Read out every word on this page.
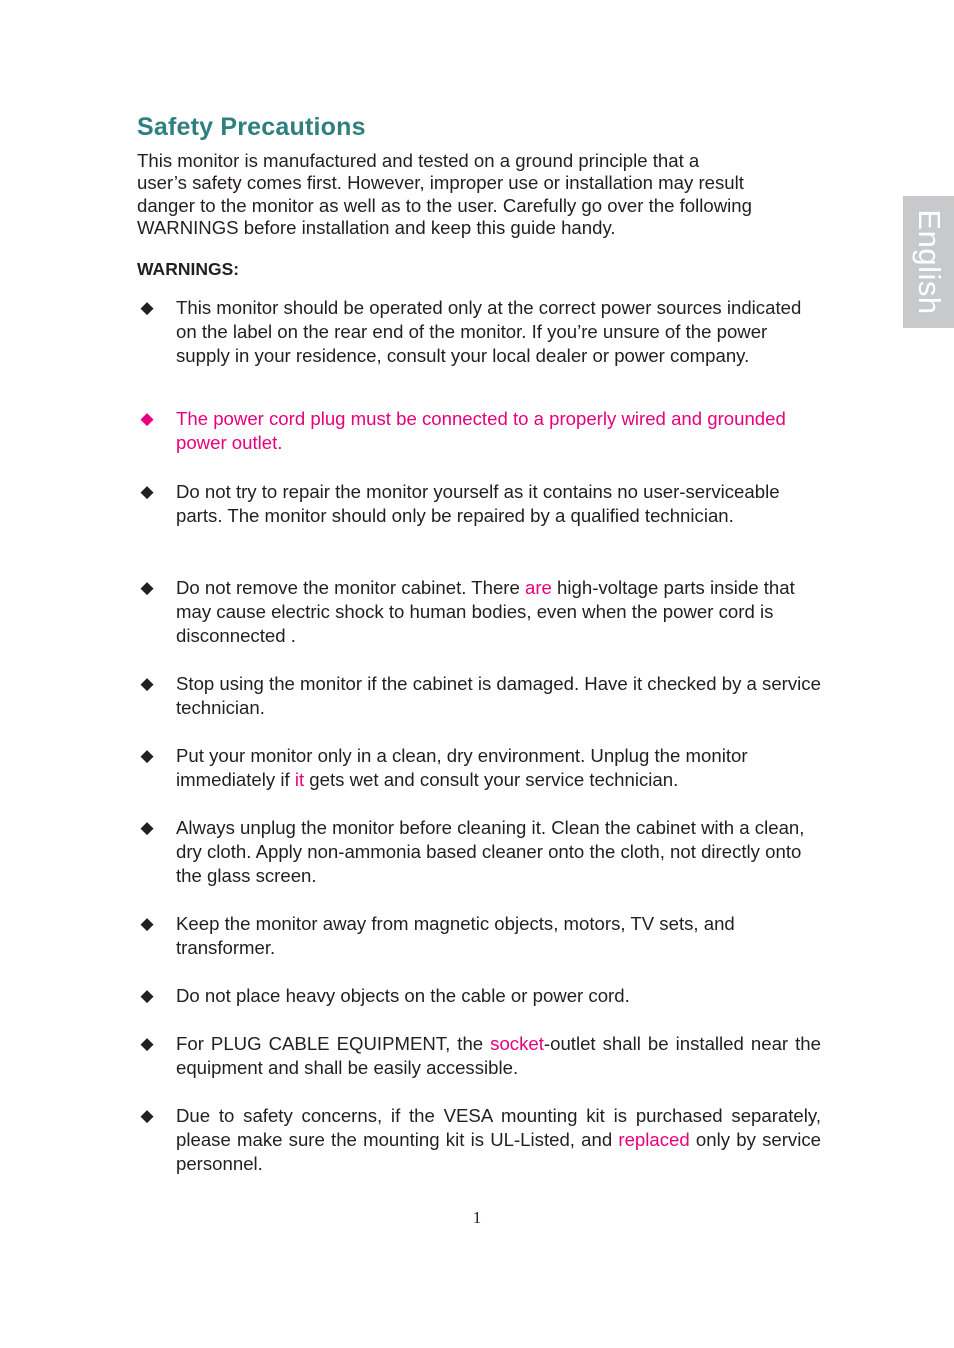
Safety Precautions

This monitor is manufactured and tested on a ground principle that a
user’s safety comes first. However, improper use or installation may result
danger to the monitor as well as to the user. Carefully go over the following
WARNINGS before installation and keep this guide handy.

WARNINGS:
◆ This monitor should be operated only at the correct power sources indicated on the label on the rear end of the monitor. If you’re unsure of the power supply in your residence, consult your local dealer or power company.
◆ The power cord plug must be connected to a properly wired and grounded power outlet.
◆ Do not try to repair the monitor yourself as it contains no user-serviceable parts. The monitor should only be repaired by a qualified technician.
◆ Do not remove the monitor cabinet. There are high-voltage parts inside that may cause electric shock to human bodies, even when the power cord is disconnected .
◆ Stop using the monitor if the cabinet is damaged. Have it checked by a service technician.
◆ Put your monitor only in a clean, dry environment. Unplug the monitor immediately if it gets wet and consult your service technician.
◆ Always unplug the monitor before cleaning it. Clean the cabinet with a clean, dry cloth. Apply non-ammonia based cleaner onto the cloth, not directly onto the glass screen.
◆ Keep the monitor away from magnetic objects, motors, TV sets, and transformer.
◆ Do not place heavy objects on the cable or power cord.
◆ For PLUG CABLE EQUIPMENT, the socket-outlet shall be installed near the equipment and shall be easily accessible.
◆ Due to safety concerns, if the VESA mounting kit is purchased separately, please make sure the mounting kit is UL-Listed, and replaced only by service personnel.
English
1
